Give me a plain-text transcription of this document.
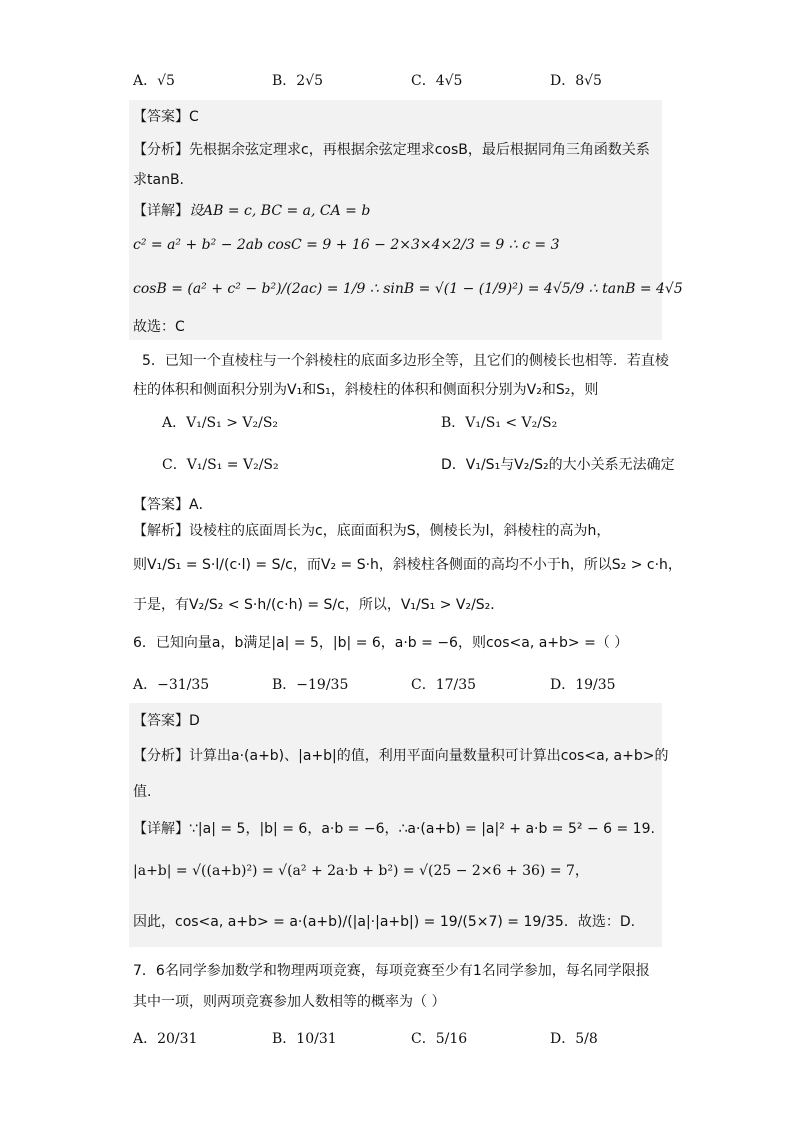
A．√5	B．2√5	C．4√5	D．8√5
【答案】C
【分析】先根据余弦定理求c，再根据余弦定理求cosB，最后根据同角三角函数关系
求tanB.
【详解】设AB = c, BC = a, CA = b
c² = a² + b² − 2ab cosC = 9 + 16 − 2×3×4×2/3 = 9 ∴ c = 3
cosB = (a² + c² − b²)/(2ac) = 1/9 ∴ sinB = √(1 − (1/9)²) = 4√5/9 ∴ tanB = 4√5
故选：C
5．已知一个直棱柱与一个斜棱柱的底面多边形全等，且它们的侧棱长也相等．若直棱
柱的体积和侧面积分别为V₁和S₁，斜棱柱的体积和侧面积分别为V₂和S₂，则
A．V₁/S₁ > V₂/S₂	B．V₁/S₁ < V₂/S₂
C．V₁/S₁ = V₂/S₂	D．V₁/S₁与V₂/S₂的大小关系无法确定
【答案】A．
【解析】设棱柱的底面周长为c，底面面积为S，侧棱长为l，斜棱柱的高为h，
则V₁/S₁ = S·l/(c·l) = S/c，而V₂ = S·h，斜棱柱各侧面的高均不小于h，所以S₂ > c·h，
于是，有V₂/S₂ < S·h/(c·h) = S/c，所以，V₁/S₁ > V₂/S₂．
6．已知向量a，b满足|a| = 5，|b| = 6，a·b = −6，则cos<a, a+b> =（ ）
A．−31/35	B．−19/35	C．17/35	D．19/35
【答案】D
【分析】计算出a·(a+b)、|a+b|的值，利用平面向量数量积可计算出cos<a, a+b>的
值.
【详解】∵|a| = 5，|b| = 6，a·b = −6，∴a·(a+b) = |a|² + a·b = 5² − 6 = 19.
|a+b| = √((a+b)²) = √(a² + 2a·b + b²) = √(25 − 2×6 + 36) = 7，
因此，cos<a, a+b> = a·(a+b)/(|a|·|a+b|) = 19/(5×7) = 19/35．故选：D.
7．6名同学参加数学和物理两项竞赛，每项竞赛至少有1名同学参加，每名同学限报
其中一项，则两项竞赛参加人数相等的概率为（ ）
A．20/31	B．10/31	C．5/16	D．5/8
